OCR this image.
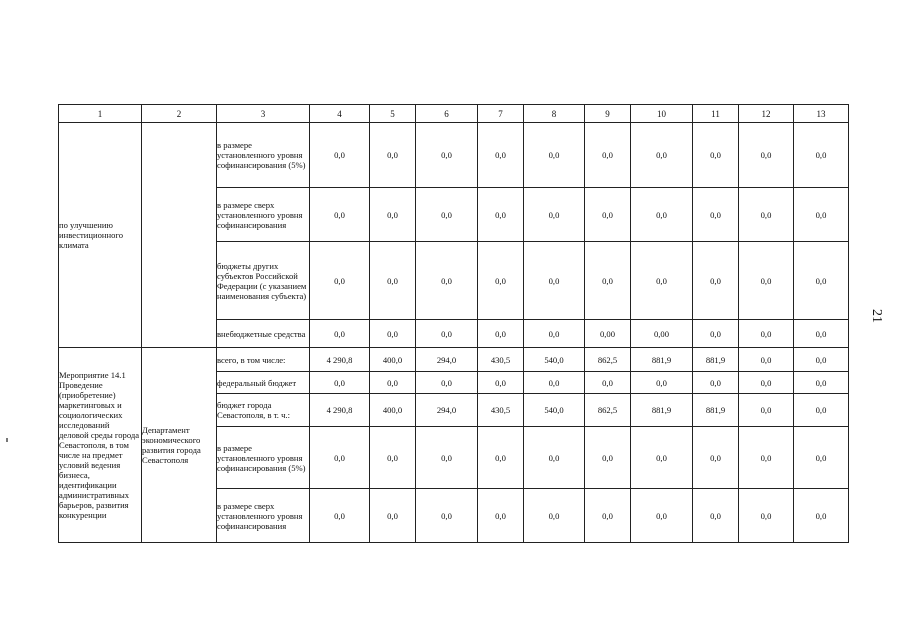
1	2	3	4	5	6	7	8	9	10	11	12	13
по улучшению инвестиционного климата		в размере установленного уровня софинансирования (5%)	0,0	0,0	0,0	0,0	0,0	0,0	0,0	0,0	0,0	0,0
		в размере сверх установленного уровня софинансирования	0,0	0,0	0,0	0,0	0,0	0,0	0,0	0,0	0,0	0,0
		бюджеты других субъектов Российской Федерации (с указанием наименования субъекта)	0,0	0,0	0,0	0,0	0,0	0,0	0,0	0,0	0,0	0,0
		внебюджетные средства	0,0	0,0	0,0	0,0	0,0	0,00	0,00	0,0	0,0	0,0
Мероприятие 14.1 Проведение (приобретение) маркетинговых и социологических исследований деловой среды города Севастополя, в том числе на предмет условий ведения бизнеса, идентификации административных барьеров, развития конкуренции	Департамент экономического развития города Севастополя	всего, в том числе:	4 290,8	400,0	294,0	430,5	540,0	862,5	881,9	881,9	0,0	0,0
		федеральный бюджет	0,0	0,0	0,0	0,0	0,0	0,0	0,0	0,0	0,0	0,0
		бюджет города Севастополя, в т. ч.:	4 290,8	400,0	294,0	430,5	540,0	862,5	881,9	881,9	0,0	0,0
		в размере установленного уровня софинансирования (5%)	0,0	0,0	0,0	0,0	0,0	0,0	0,0	0,0	0,0	0,0
		в размере сверх установленного уровня софинансирования	0,0	0,0	0,0	0,0	0,0	0,0	0,0	0,0	0,0	0,0
21
